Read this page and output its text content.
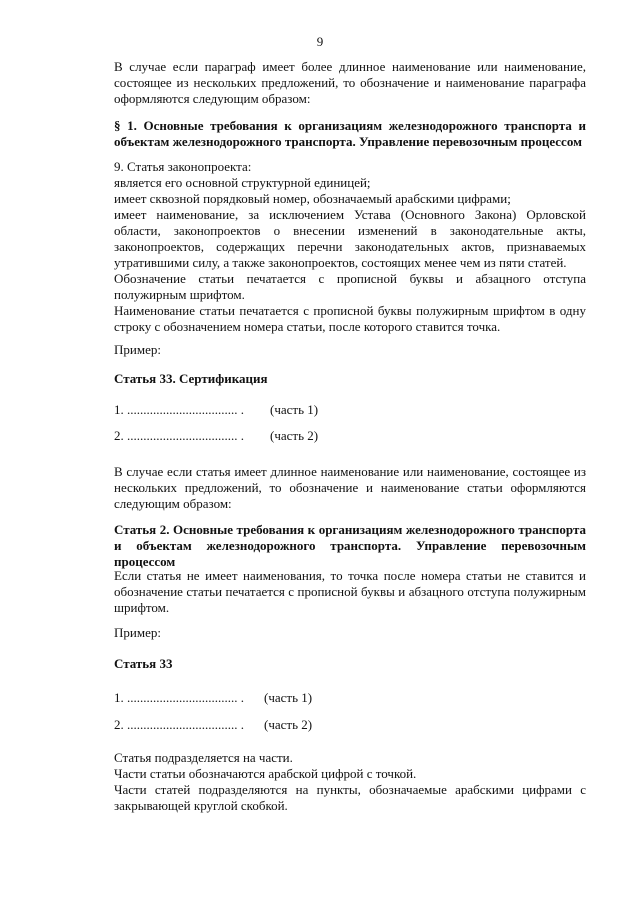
9

В случае если параграф имеет более длинное наименование или наименование, состоящее из нескольких предложений, то обозначение и наименование параграфа оформляются следующим образом:

§ 1. Основные требования к организациям железнодорожного транспорта и объектам железнодорожного транспорта. Управление перевозочным процессом

9. Статья законопроекта:

является его основной структурной единицей;

имеет сквозной порядковый номер, обозначаемый арабскими цифрами;

имеет наименование, за исключением Устава (Основного Закона) Орловской области, законопроектов о внесении изменений в законодательные акты, законопроектов, содержащих перечни законодательных актов, признаваемых утратившими силу, а также законопроектов, состоящих менее чем из пяти статей.

Обозначение статьи печатается с прописной буквы и абзацного отступа полужирным шрифтом.

Наименование статьи печатается с прописной буквы полужирным шрифтом в одну строку с обозначением номера статьи, после которого ставится точка.

Пример:

Статья 33. Сертификация

1. .................................. .	(часть 1)
2. .................................. .	(часть 2)

В случае если статья имеет длинное наименование или наименование, состоящее из нескольких предложений, то обозначение и наименование статьи оформляются следующим образом:

Статья 2. Основные требования к организациям железнодорожного транспорта и объектам железнодорожного транспорта. Управление перевозочным процессом

Если статья не имеет наименования, то точка после номера статьи не ставится и обозначение статьи печатается с прописной буквы и абзацного отступа полужирным шрифтом.

Пример:

Статья 33

1. .................................. .	(часть 1)
2. .................................. .	(часть 2)

Статья подразделяется на части.

Части статьи обозначаются арабской цифрой с точкой.

Части статей подразделяются на пункты, обозначаемые арабскими цифрами с закрывающей круглой скобкой.
